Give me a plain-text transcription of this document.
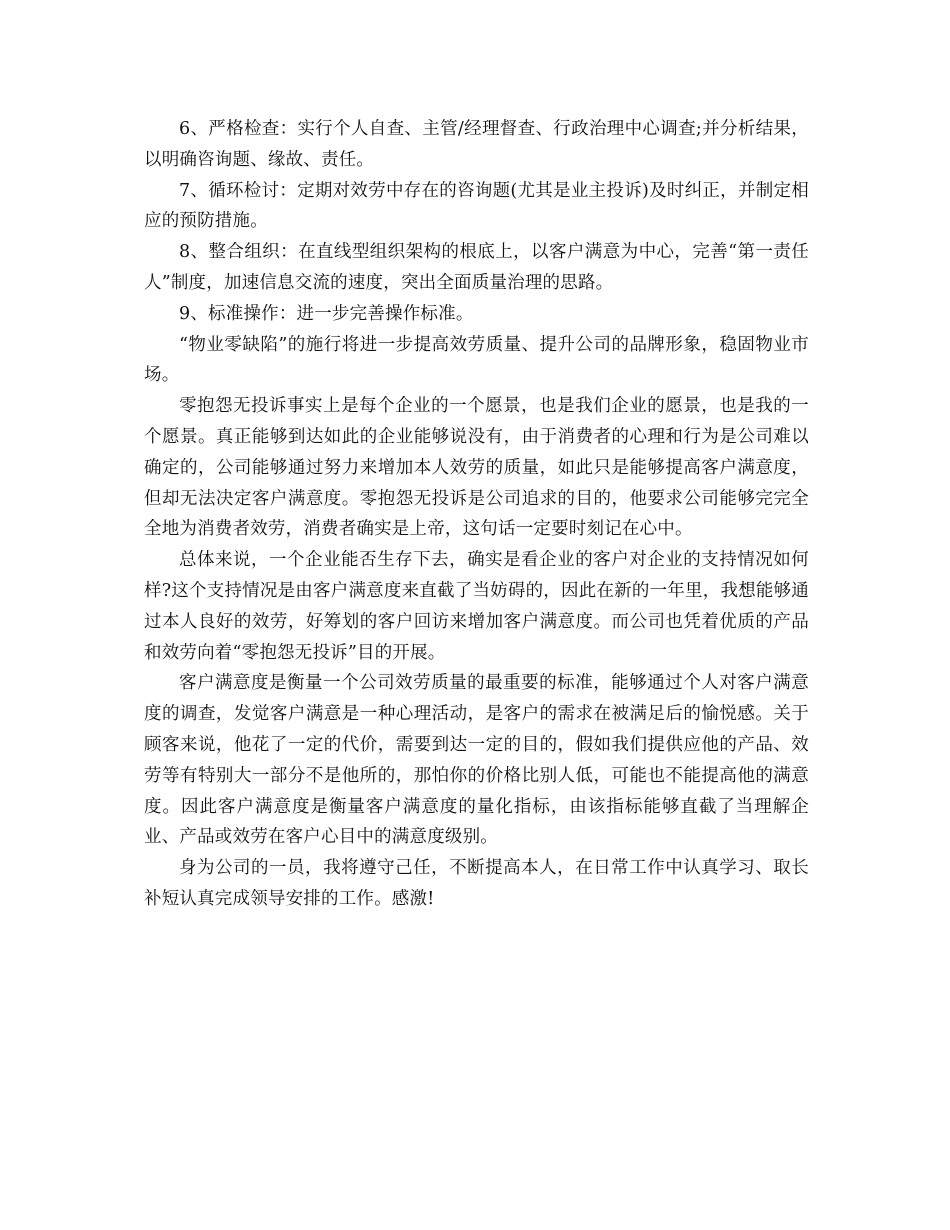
6、严格检查：实行个人自查、主管/经理督查、行政治理中心调查;并分析结果，以明确咨询题、缘故、责任。

7、循环检讨：定期对效劳中存在的咨询题(尤其是业主投诉)及时纠正，并制定相应的预防措施。

8、整合组织：在直线型组织架构的根底上，以客户满意为中心，完善“第一责任人”制度，加速信息交流的速度，突出全面质量治理的思路。

9、标准操作：进一步完善操作标准。

“物业零缺陷”的施行将进一步提高效劳质量、提升公司的品牌形象，稳固物业市场。

零抱怨无投诉事实上是每个企业的一个愿景，也是我们企业的愿景，也是我的一个愿景。真正能够到达如此的企业能够说没有，由于消费者的心理和行为是公司难以确定的，公司能够通过努力来增加本人效劳的质量，如此只是能够提高客户满意度，但却无法决定客户满意度。零抱怨无投诉是公司追求的目的，他要求公司能够完完全全地为消费者效劳，消费者确实是上帝，这句话一定要时刻记在心中。

总体来说，一个企业能否生存下去，确实是看企业的客户对企业的支持情况如何样?这个支持情况是由客户满意度来直截了当妨碍的，因此在新的一年里，我想能够通过本人良好的效劳，好筹划的客户回访来增加客户满意度。而公司也凭着优质的产品和效劳向着“零抱怨无投诉”目的开展。

客户满意度是衡量一个公司效劳质量的最重要的标准，能够通过个人对客户满意度的调查，发觉客户满意是一种心理活动，是客户的需求在被满足后的愉悦感。关于顾客来说，他花了一定的代价，需要到达一定的目的，假如我们提供应他的产品、效劳等有特别大一部分不是他所的，那怕你的价格比别人低，可能也不能提高他的满意度。因此客户满意度是衡量客户满意度的量化指标，由该指标能够直截了当理解企业、产品或效劳在客户心目中的满意度级别。

身为公司的一员，我将遵守己任，不断提高本人，在日常工作中认真学习、取长补短认真完成领导安排的工作。感激!
